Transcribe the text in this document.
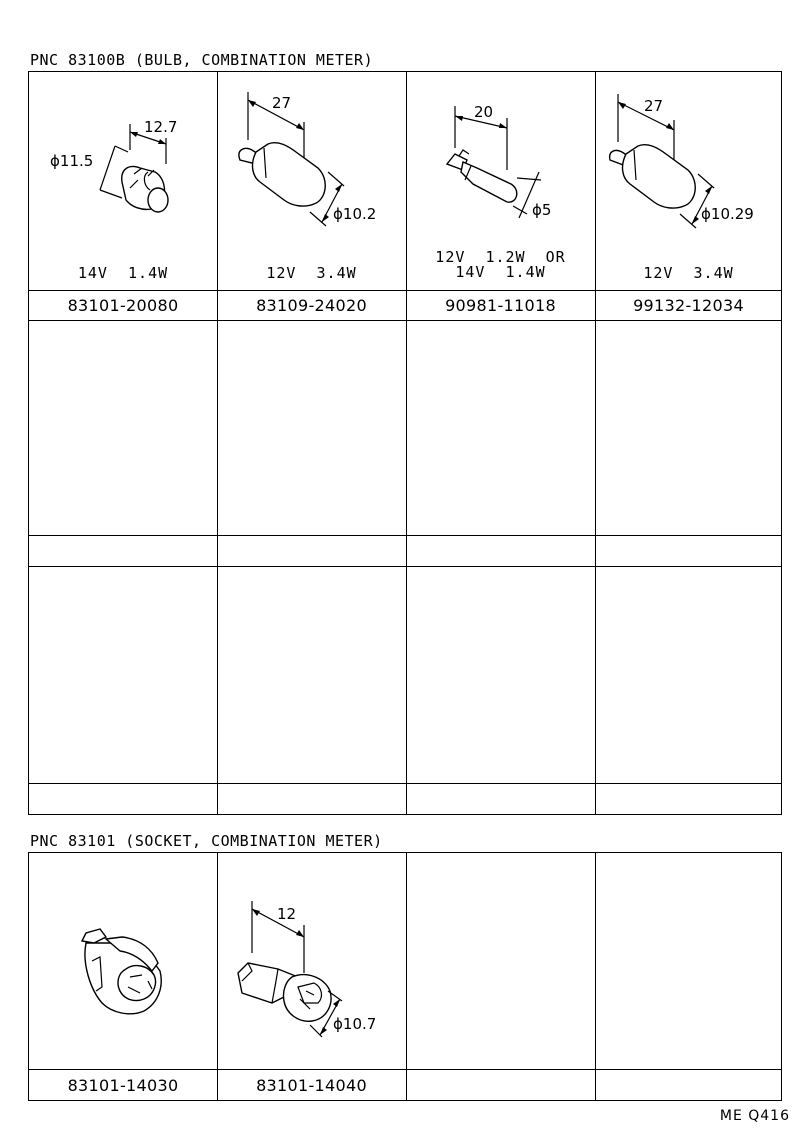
PNC 83100B (BULB, COMBINATION METER)
12.7
ϕ11.5
14V  1.4W
83101-20080
27
ϕ10.2
12V  3.4W
83109-24020
20
ϕ5
12V  1.2W  OR
14V  1.4W
90981-11018
27
ϕ10.29
12V  3.4W
99132-12034
PNC 83101 (SOCKET, COMBINATION METER)
83101-14030
12
ϕ10.7
83101-14040
ME Q416
